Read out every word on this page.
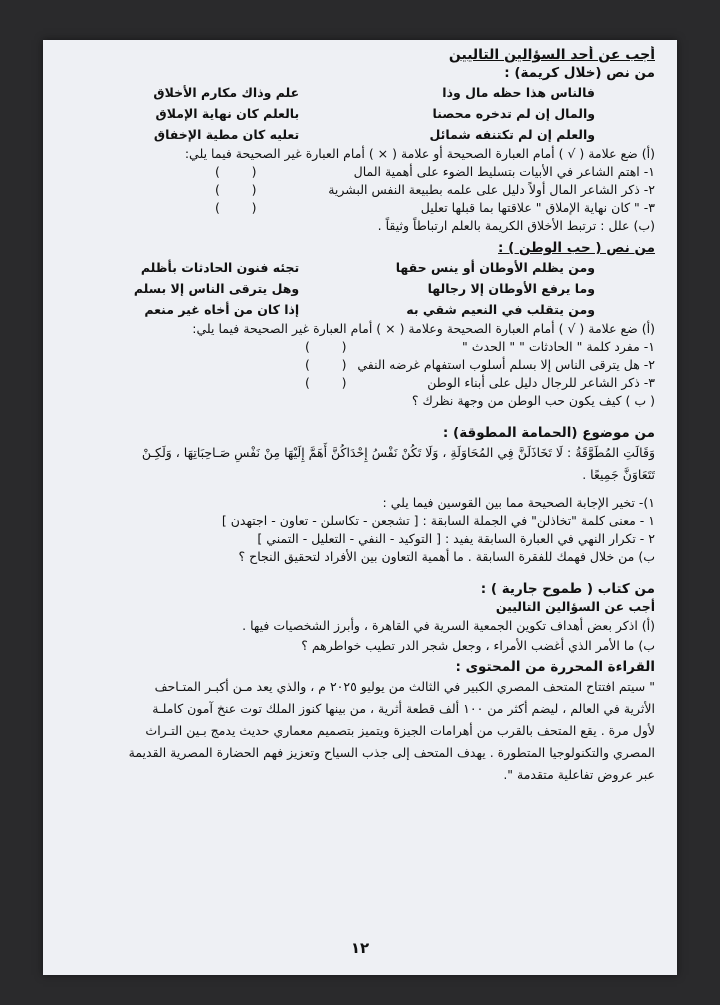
أجب عن أحد السؤالين التاليين
من نص (خلال كريمة) :
فالناس هذا حظه مال وذا
علم وذاك مكارم الأخلاق
والمال إن لم تدخره محصنا
بالعلم كان نهاية الإملاق
والعلم إن لم تكتنفه شمائل
تعليه كان مطية الإخفاق
(أ) ضع علامة ( √ ) أمام العبارة الصحيحة أو علامة ( × ) أمام العبارة غير الصحيحة فيما يلي:
١- اهتم الشاعر في الأبيات بتسليط الضوء على أهمية المال
(        )
٢- ذكر الشاعر المال أولاً دليل على علمه بطبيعة النفس البشرية
(        )
٣- " كان نهاية الإملاق " علاقتها بما قبلها تعليل
(        )
(ب) علل : ترتبط الأخلاق الكريمة بالعلم ارتباطاً وثيقاً .
من نص ( حب الوطن ) :
ومن يظلم الأوطان أو ينس حقها
تجئه فنون الحادثات بأظلم
وما يرفع الأوطان إلا رجالها
وهل يترقى الناس إلا بسلم
ومن يتقلب في النعيم شقي به
إذا كان من أخاه غير منعم
(أ) ضع علامة ( √ ) أمام العبارة الصحيحة وعلامة ( × ) أمام العبارة غير الصحيحة فيما يلي:
١- مفرد كلمة " الحادثات " " الحدث "
(        )
٢- هل يترقى الناس إلا بسلم أسلوب استفهام غرضه النفي
(        )
٣- ذكر الشاعر للرجال دليل على أبناء الوطن
(        )
( ب ) كيف يكون حب الوطن من وجهة نظرك ؟
من موضوع (الحمامة المطوقة) :
وَقَالَتِ المُطَوَّقَةُ : لَا تَخَاذَلَنَّ فِي المُحَاوَلَةِ ، وَلَا تَكُنْ نَفْسُ إِحْدَاكُنَّ أَهَمَّ إِلَيْهَا مِنْ نَفْسِ صَـاحِبَاتِهَا ، وَلَكِـنْ
تَتَعَاوَنَّ جَمِيعًا .
١)- تخير الإجابة الصحيحة مما بين القوسين فيما يلي :
١ - معنى كلمة "تخاذلن" في الجملة السابقة : [ تشجعن - تكاسلن - تعاون - اجتهدن ]
٢ - تكرار النهي في العبارة السابقة يفيد : [ التوكيد - النفي - التعليل - التمني ]
ب) من خلال فهمك للفقرة السابقة . ما أهمية التعاون بين الأفراد لتحقيق النجاح ؟
من كتاب ( طموح جارية ) :
أجب عن السؤالين التاليين
(أ) اذكر بعض أهداف تكوين الجمعية السرية في القاهرة ، وأبرز الشخصيات فيها .
ب) ما الأمر الذي أغضب الأمراء ، وجعل شجر الدر تطيب خواطرهم ؟
القراءة المحررة من المحتوى :
" سيتم افتتاح المتحف المصري الكبير في الثالث من يوليو ٢٠٢٥ م ، والذي يعد مـن أكبـر المتـاحف
الأثرية في العالم ، ليضم أكثر من ١٠٠ ألف قطعة أثرية ، من بينها كنوز الملك توت عنخ آمون كاملـة
لأول مرة . يقع المتحف بالقرب من أهرامات الجيزة ويتميز بتصميم معماري حديث يدمج بـين التـراث
المصري والتكنولوجيا المتطورة . يهدف المتحف إلى جذب السياح وتعزيز فهم الحضارة المصرية القديمة
عبر عروض تفاعلية متقدمة ".
١٢
